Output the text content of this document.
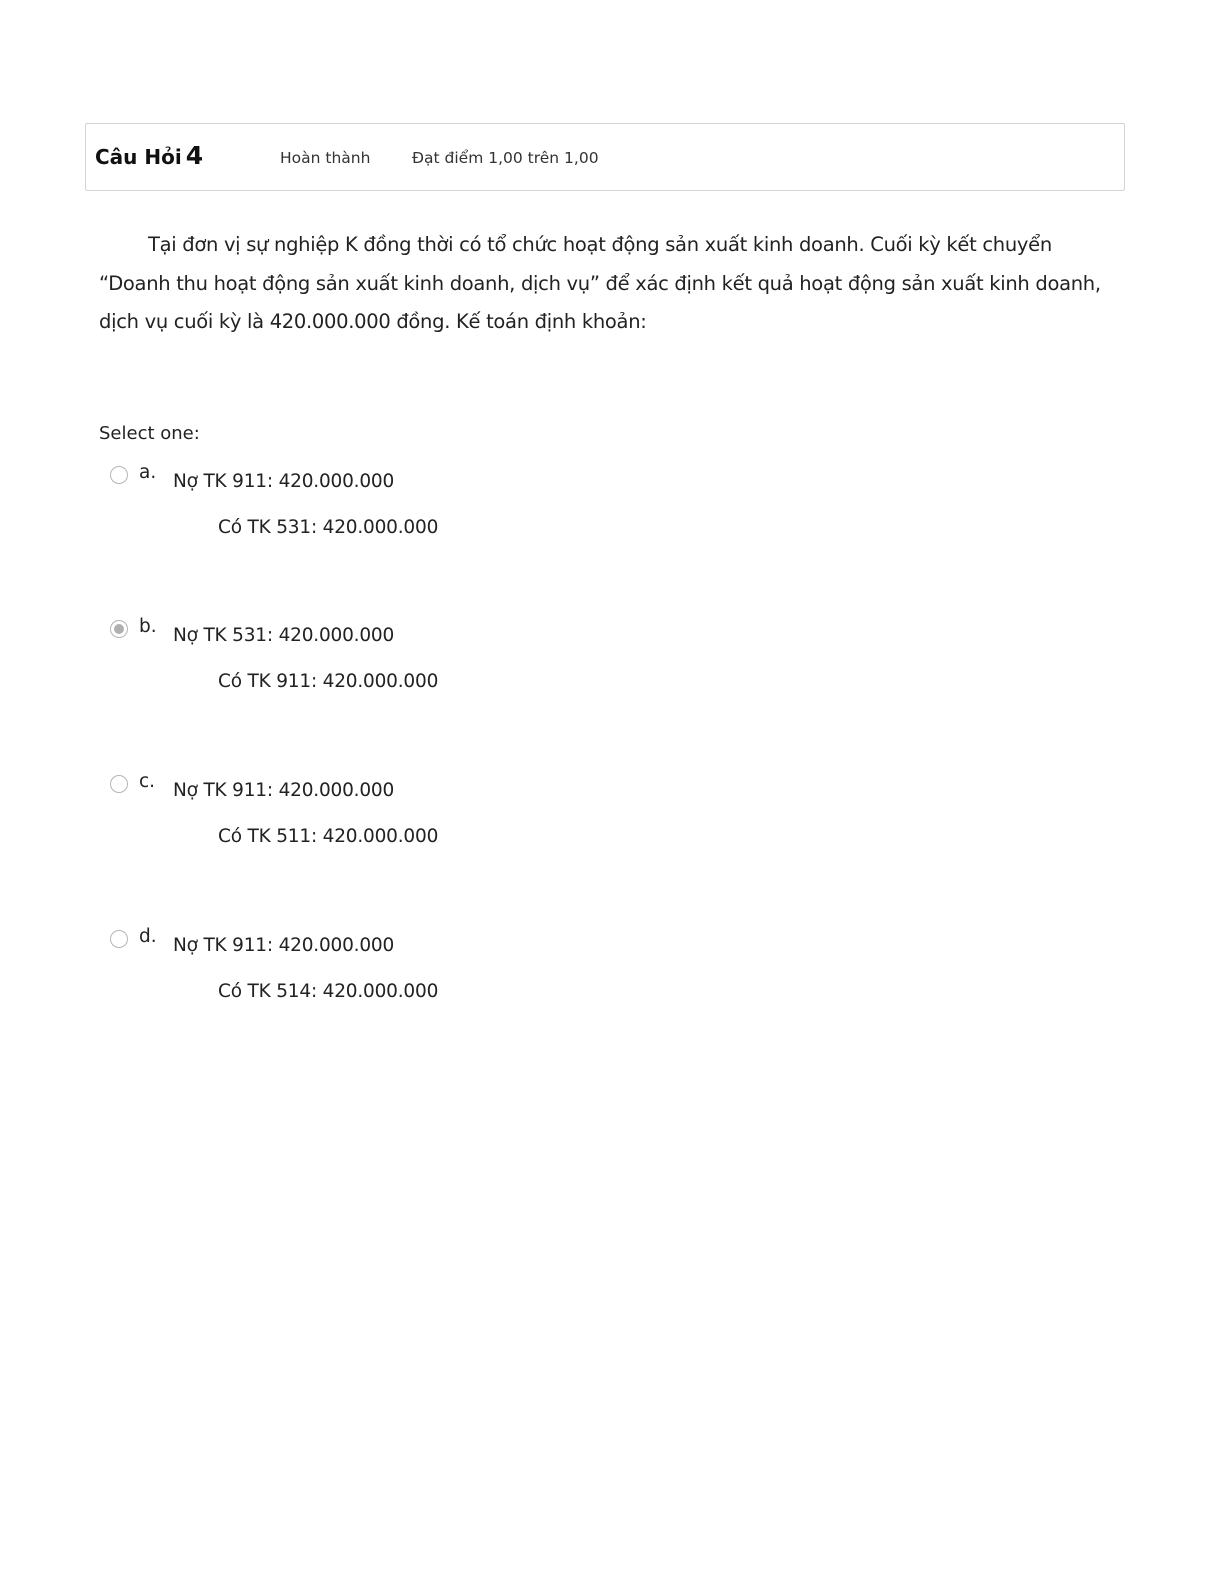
Câu Hỏi 4	Hoàn thành	Đạt điểm 1,00 trên 1,00
Tại đơn vị sự nghiệp K đồng thời có tổ chức hoạt động sản xuất kinh doanh. Cuối kỳ kết chuyển “Doanh thu hoạt động sản xuất kinh doanh, dịch vụ” để xác định kết quả hoạt động sản xuất kinh doanh, dịch vụ cuối kỳ là 420.000.000 đồng. Kế toán định khoản:
Select one:
a. Nợ TK 911: 420.000.000
Có TK 531: 420.000.000
b. Nợ TK 531: 420.000.000
Có TK 911: 420.000.000
c. Nợ TK 911: 420.000.000
Có TK 511: 420.000.000
d. Nợ TK 911: 420.000.000
Có TK 514: 420.000.000
